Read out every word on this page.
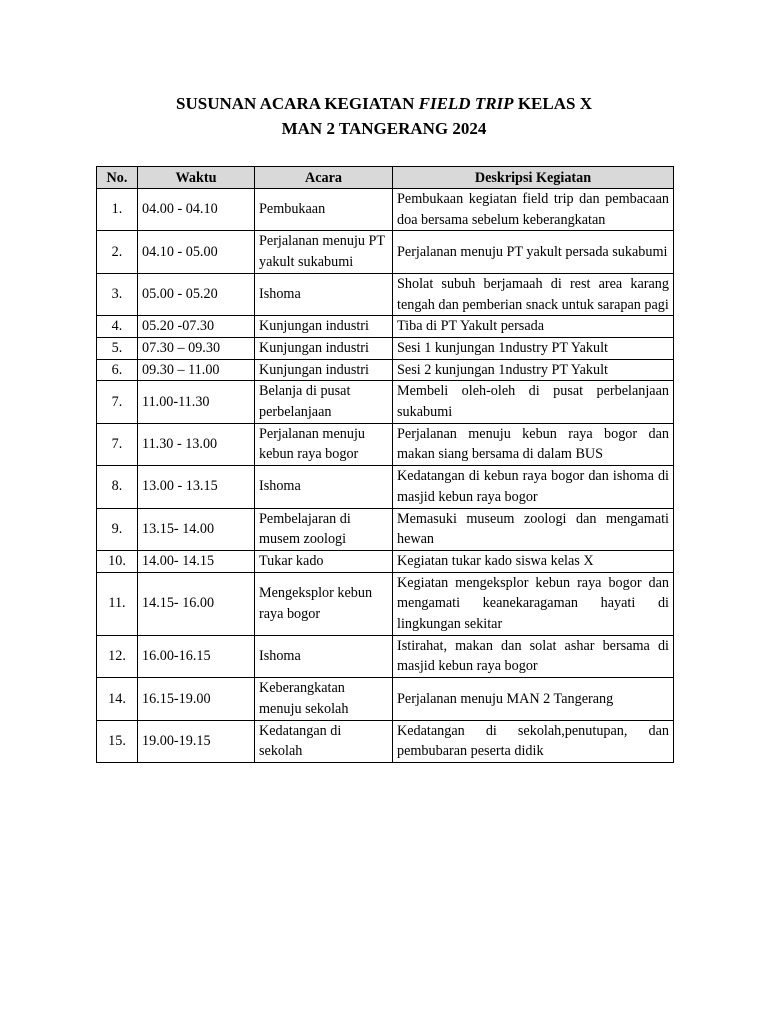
SUSUNAN ACARA KEGIATAN FIELD TRIP KELAS X
MAN 2 TANGERANG 2024
No.	Waktu	Acara	Deskripsi Kegiatan
1.	04.00 - 04.10	Pembukaan	Pembukaan kegiatan field trip dan pembacaan doa bersama sebelum keberangkatan
2.	04.10 - 05.00	Perjalanan menuju PT yakult sukabumi	Perjalanan menuju PT yakult persada sukabumi
3.	05.00 - 05.20	Ishoma	Sholat subuh berjamaah di rest area karang tengah dan pemberian snack untuk sarapan pagi
4.	05.20 -07.30	Kunjungan industri	Tiba di PT Yakult persada
5.	07.30 – 09.30	Kunjungan industri	Sesi 1 kunjungan 1ndustry PT Yakult
6.	09.30 – 11.00	Kunjungan industri	Sesi 2 kunjungan 1ndustry PT Yakult
7.	11.00-11.30	Belanja di pusat perbelanjaan	Membeli oleh-oleh di pusat perbelanjaan sukabumi
7.	11.30 - 13.00	Perjalanan menuju kebun raya bogor	Perjalanan menuju kebun raya bogor dan makan siang bersama di dalam BUS
8.	13.00 - 13.15	Ishoma	Kedatangan di kebun raya bogor dan ishoma di masjid kebun raya bogor
9.	13.15- 14.00	Pembelajaran di musem zoologi	Memasuki museum zoologi dan mengamati hewan
10.	14.00- 14.15	Tukar kado	Kegiatan tukar kado siswa kelas X
11.	14.15- 16.00	Mengeksplor kebun raya bogor	Kegiatan mengeksplor kebun raya bogor dan mengamati keanekaragaman hayati di lingkungan sekitar
12.	16.00-16.15	Ishoma	Istirahat, makan dan solat ashar bersama di masjid kebun raya bogor
14.	16.15-19.00	Keberangkatan menuju sekolah	Perjalanan menuju MAN 2 Tangerang
15.	19.00-19.15	Kedatangan di sekolah	Kedatangan di sekolah,penutupan, dan pembubaran peserta didik
